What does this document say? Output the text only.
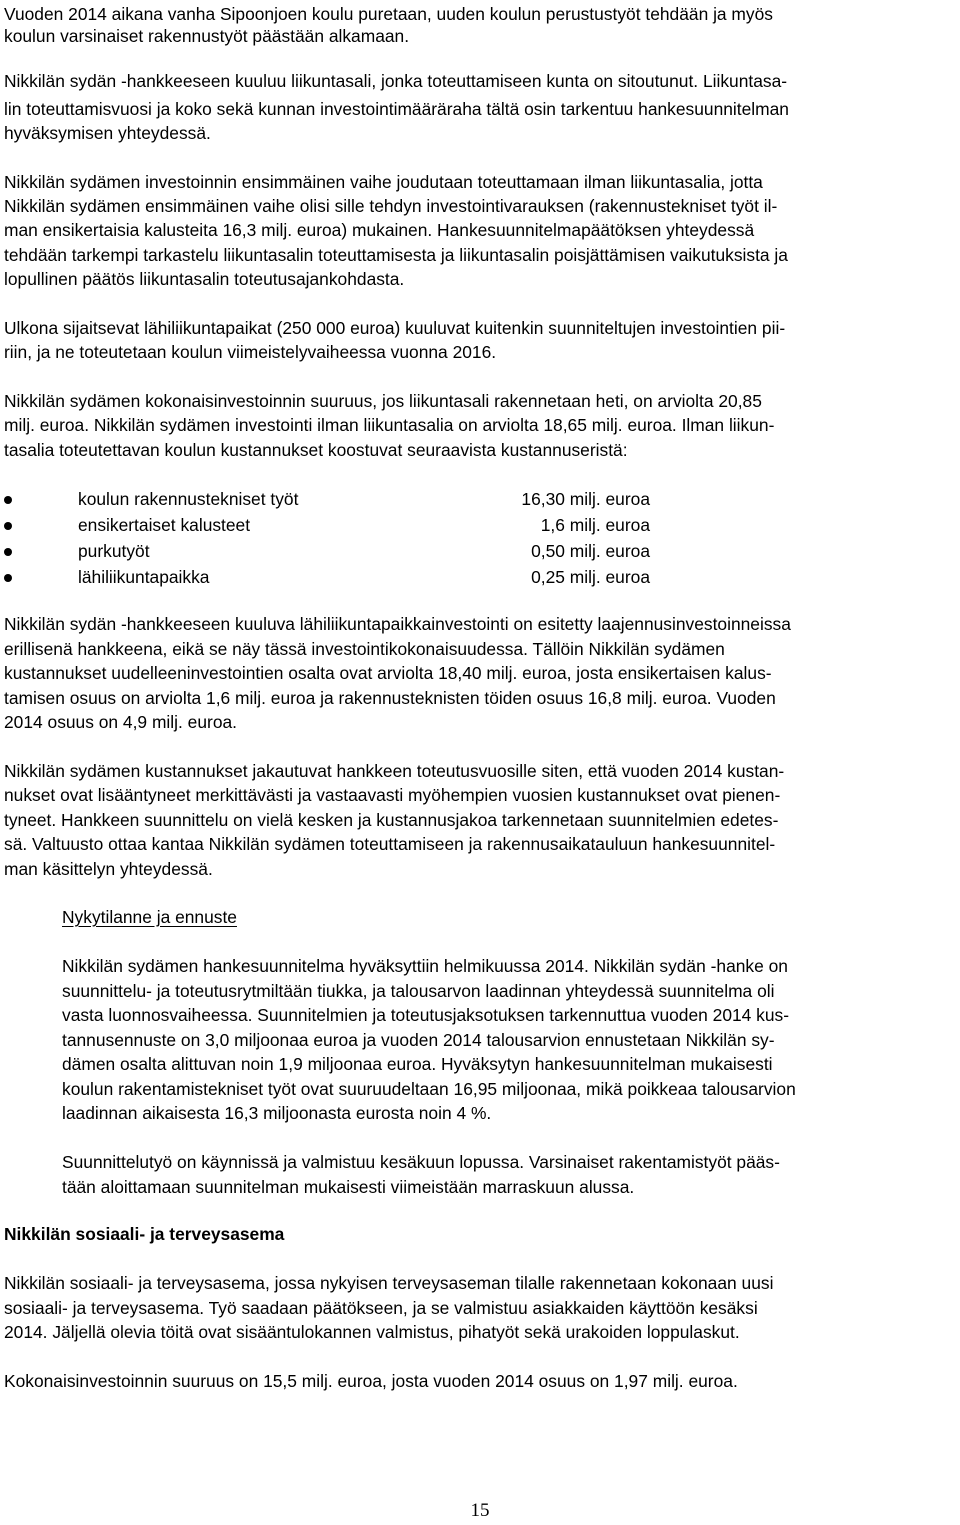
Vuoden 2014 aikana vanha Sipoonjoen koulu puretaan, uuden koulun perustustyöt tehdään ja myös
koulun varsinaiset rakennustyöt päästään alkamaan.
Nikkilän sydän -hankkeeseen kuuluu liikuntasali, jonka toteuttamiseen kunta on sitoutunut. Liikuntasa-
lin toteuttamisvuosi ja koko sekä kunnan investointimääräraha tältä osin tarkentuu hankesuunnitelman
hyväksymisen yhteydessä.
Nikkilän sydämen investoinnin ensimmäinen vaihe joudutaan toteuttamaan ilman liikuntasalia, jotta
Nikkilän sydämen ensimmäinen vaihe olisi sille tehdyn investointivarauksen (rakennustekniset työt il-
man ensikertaisia kalusteita 16,3 milj. euroa) mukainen. Hankesuunnitelmapäätöksen yhteydessä
tehdään tarkempi tarkastelu liikuntasalin toteuttamisesta ja liikuntasalin poisjättämisen vaikutuksista ja
lopullinen päätös liikuntasalin toteutusajankohdasta.
Ulkona sijaitsevat lähiliikuntapaikat (250 000 euroa) kuuluvat kuitenkin suunniteltujen investointien pii-
riin, ja ne toteutetaan koulun viimeistelyvaiheessa vuonna 2016.
Nikkilän sydämen kokonaisinvestoinnin suuruus, jos liikuntasali rakennetaan heti, on arviolta 20,85
milj. euroa. Nikkilän sydämen investointi ilman liikuntasalia on arviolta 18,65 milj. euroa. Ilman liikun-
tasalia toteutettavan koulun kustannukset koostuvat seuraavista kustannuseristä:
koulun rakennustekniset työt	16,30 milj. euroa
ensikertaiset kalusteet	1,6 milj. euroa
purkutyöt	0,50 milj. euroa
lähiliikuntapaikka	0,25 milj. euroa
Nikkilän sydän -hankkeeseen kuuluva lähiliikuntapaikkainvestointi on esitetty laajennusinvestoinneissa
erillisenä hankkeena, eikä se näy tässä investointikokonaisuudessa. Tällöin Nikkilän sydämen
kustannukset uudelleeninvestointien osalta ovat arviolta 18,40 milj. euroa, josta ensikertaisen kalus-
tamisen osuus on arviolta 1,6 milj. euroa ja rakennusteknisten töiden osuus 16,8 milj. euroa. Vuoden
2014 osuus on 4,9 milj. euroa.
Nikkilän sydämen kustannukset jakautuvat hankkeen toteutusvuosille siten, että vuoden 2014 kustan-
nukset ovat lisääntyneet merkittävästi ja vastaavasti myöhempien vuosien kustannukset ovat pienen-
tyneet. Hankkeen suunnittelu on vielä kesken ja kustannusjakoa tarkennetaan suunnitelmien edetes-
sä. Valtuusto ottaa kantaa Nikkilän sydämen toteuttamiseen ja rakennusaikatauluun hankesuunnitel-
man käsittelyn yhteydessä.
Nykytilanne ja ennuste
Nikkilän sydämen hankesuunnitelma hyväksyttiin helmikuussa 2014. Nikkilän sydän -hanke on
suunnittelu- ja toteutusrytmiltään tiukka, ja talousarvon laadinnan yhteydessä suunnitelma oli
vasta luonnosvaiheessa. Suunnitelmien ja toteutusjaksotuksen tarkennuttua vuoden 2014 kus-
tannusennuste on 3,0 miljoonaa euroa ja vuoden 2014 talousarvion ennustetaan Nikkilän sy-
dämen osalta alittuvan noin 1,9 miljoonaa euroa. Hyväksytyn hankesuunnitelman mukaisesti
koulun rakentamistekniset työt ovat suuruudeltaan 16,95 miljoonaa, mikä poikkeaa talousarvion
laadinnan aikaisesta 16,3 miljoonasta eurosta noin 4 %.
Suunnittelutyö on käynnissä ja valmistuu kesäkuun lopussa. Varsinaiset rakentamistyöt pääs-
tään aloittamaan suunnitelman mukaisesti viimeistään marraskuun alussa.
Nikkilän sosiaali- ja terveysasema
Nikkilän sosiaali- ja terveysasema, jossa nykyisen terveysaseman tilalle rakennetaan kokonaan uusi
sosiaali- ja terveysasema. Työ saadaan päätökseen, ja se valmistuu asiakkaiden käyttöön kesäksi
2014. Jäljellä olevia töitä ovat sisääntulokannen valmistus, pihatyöt sekä urakoiden loppulaskut.
Kokonaisinvestoinnin suuruus on 15,5 milj. euroa, josta vuoden 2014 osuus on 1,97 milj. euroa.
15
